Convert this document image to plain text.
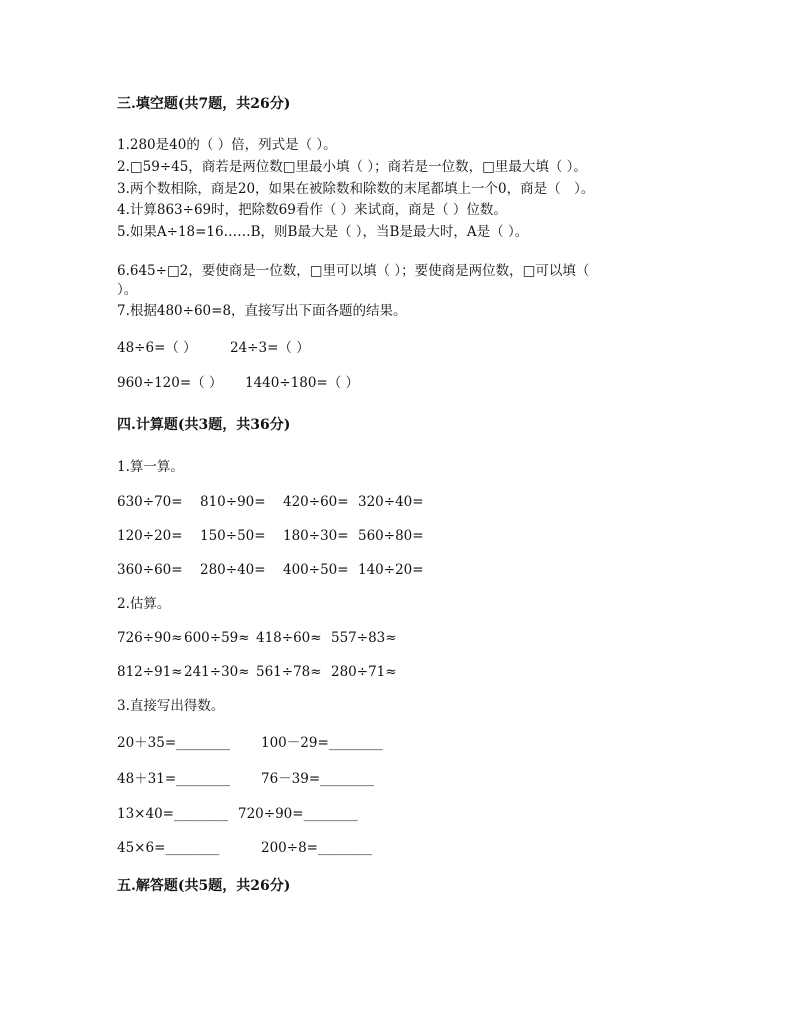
三.填空题(共7题，共26分)
1.280是40的（ ）倍，列式是（ ）。
2.□59÷45，商若是两位数□里最小填（ ）；商若是一位数，□里最大填（ ）。
3.两个数相除，商是20，如果在被除数和除数的末尾都填上一个0，商是（　）。
4.计算863÷69时，把除数69看作（ ）来试商，商是（ ）位数。
5.如果A÷18=16……B，则B最大是（ ），当B是最大时，A是（ ）。
6.645÷□2，要使商是一位数，□里可以填（ ）；要使商是两位数，□可以填（
）。
7.根据480÷60=8，直接写出下面各题的结果。
48÷6=（ ） 24÷3=（ ）
960÷120=（ ） 1440÷180=（ ）
四.计算题(共3题，共36分)
1.算一算。
630÷70= 810÷90= 420÷60= 320÷40=
120÷20= 150÷50= 180÷30= 560÷80=
360÷60= 280÷40= 400÷50= 140÷20=
2.估算。
726÷90≈ 600÷59≈ 418÷60≈ 557÷83≈
812÷91≈ 241÷30≈ 561÷78≈ 280÷71≈
3.直接写出得数。
20＋35=________ 100－29=________
48＋31=________ 76－39=________
13×40=________ 720÷90=________
45×6=________	200÷8=________
五.解答题(共5题，共26分)
